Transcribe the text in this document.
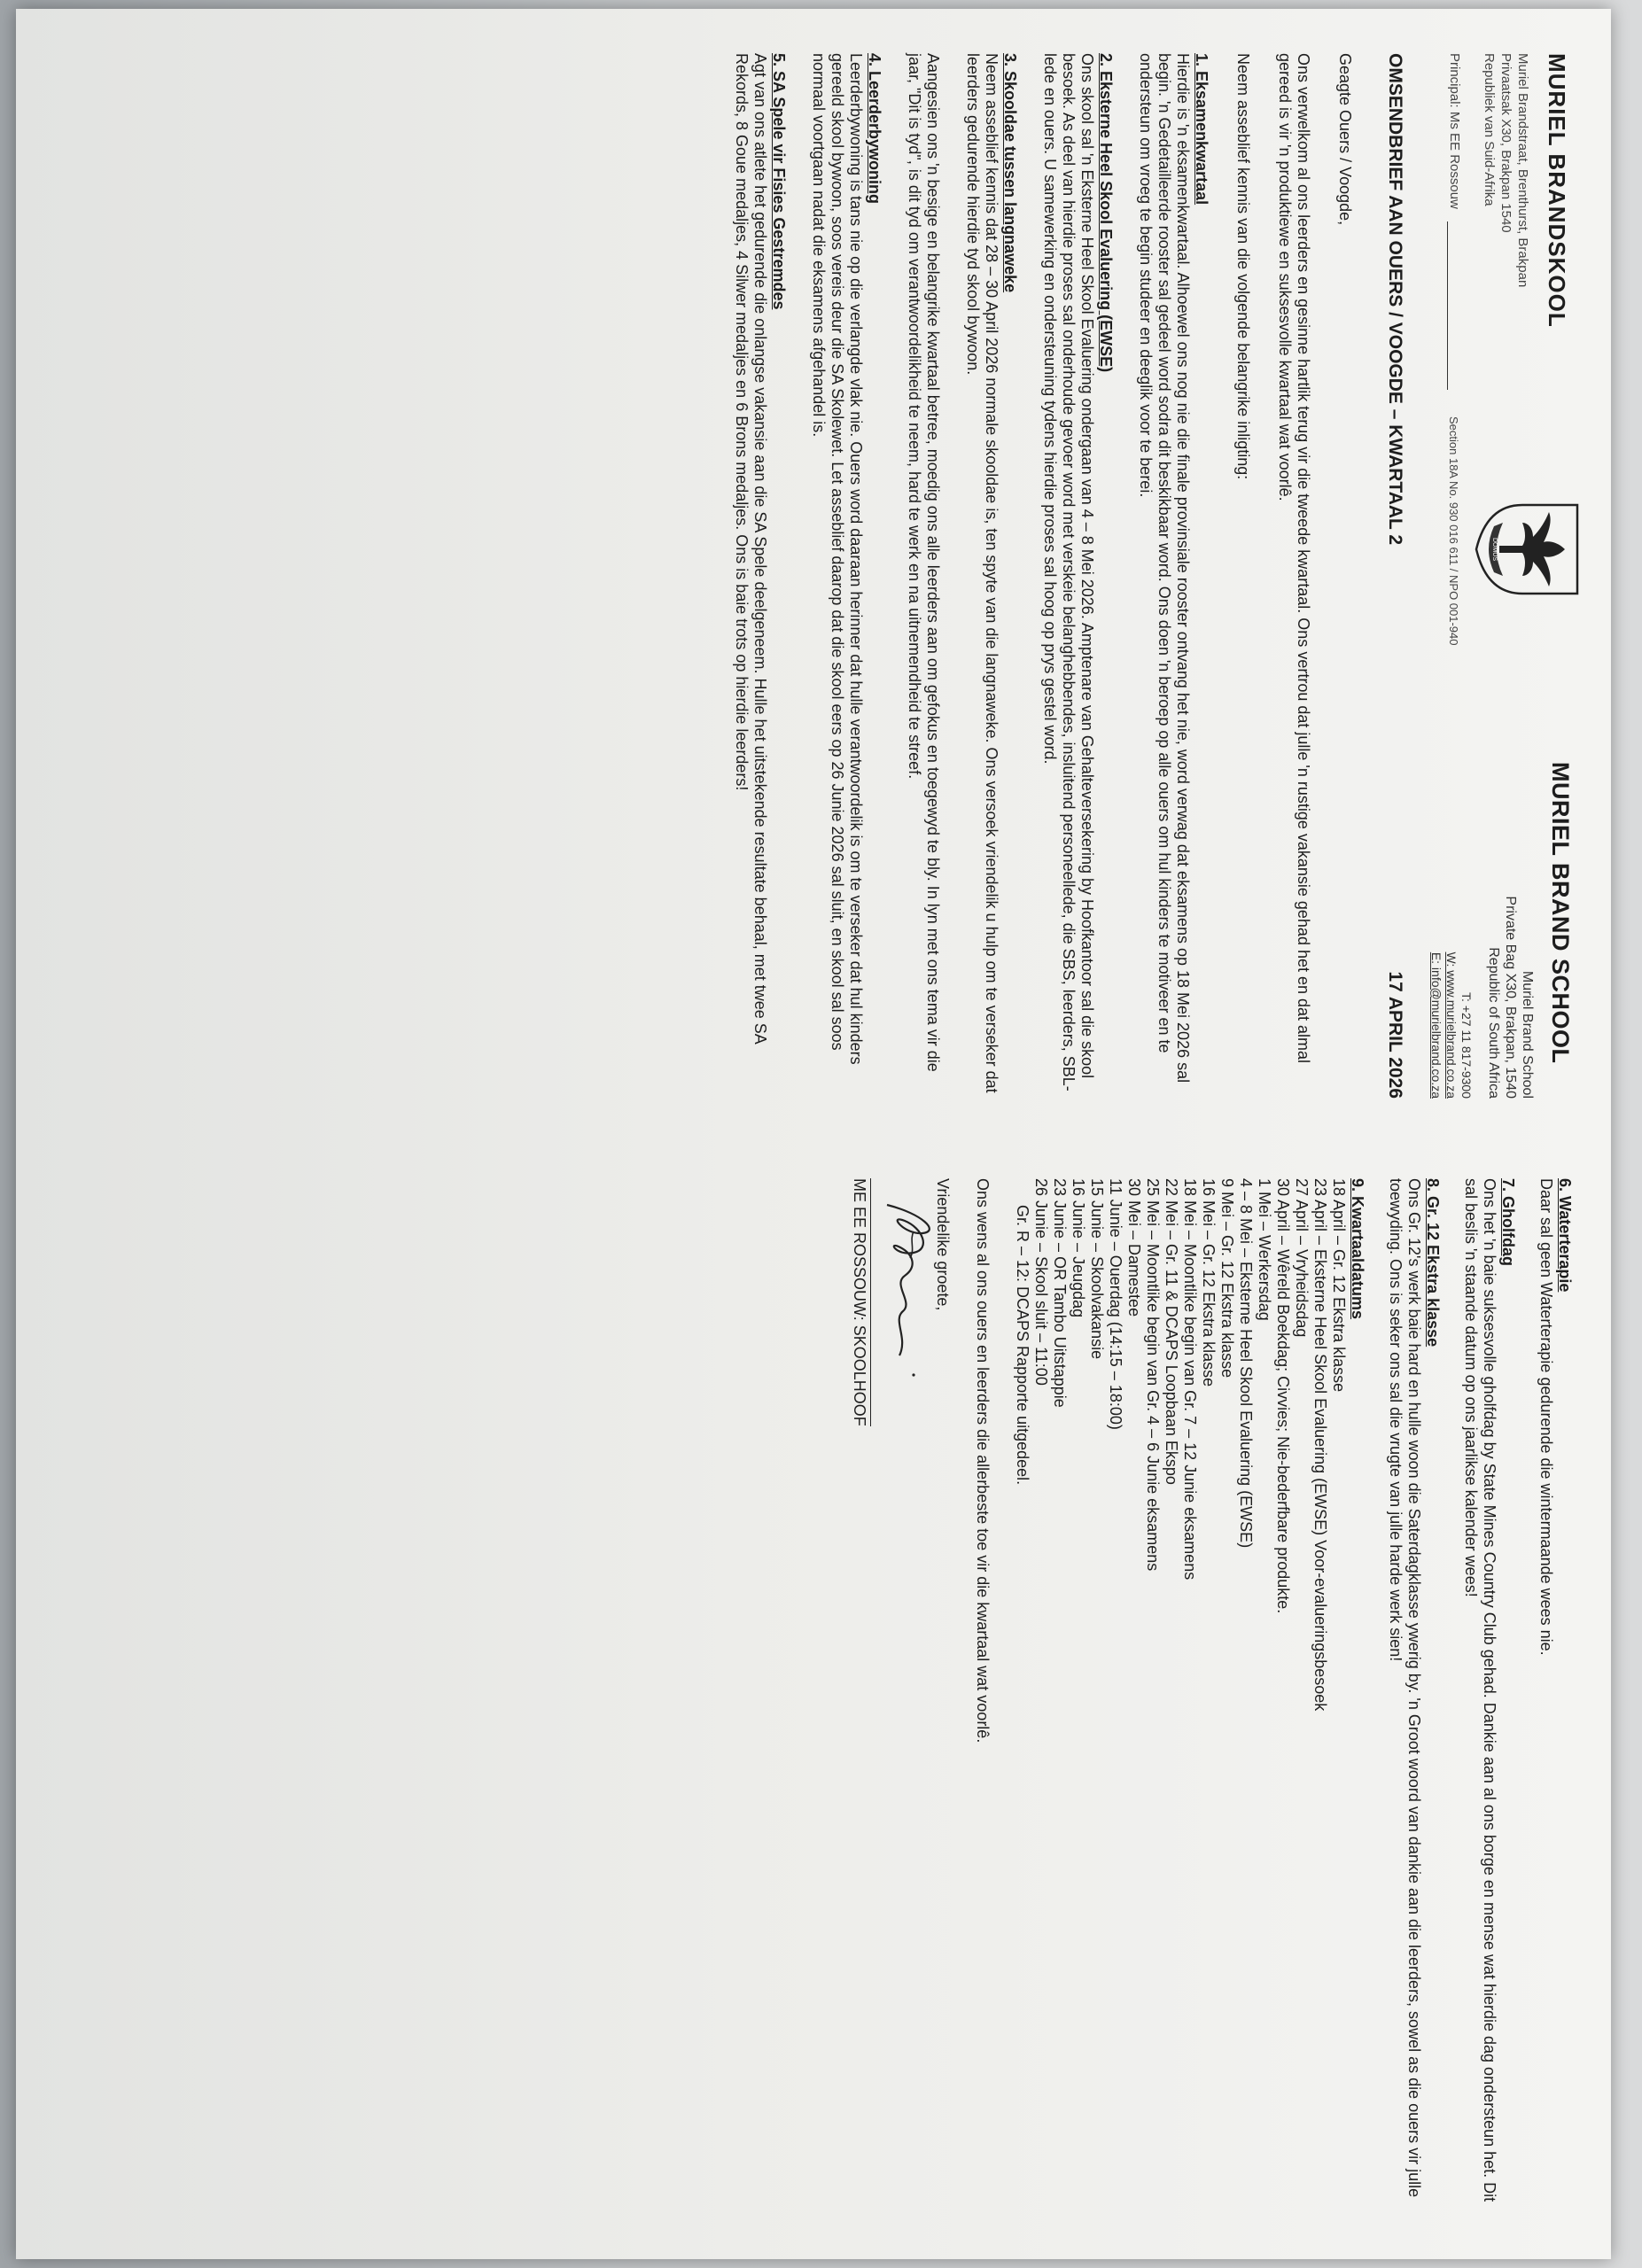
MURIEL BRANDSKOOL
Muriel Brandstraat, Brenthurst, Brakpan
Privaatsak X30, Brakpan 1540
Republiek van Suid-Afrika
Principal: Ms EE Rossouw
Section 18A No. 930 016 611 / NPO 001-940	DOMUS
MURIEL BRAND SCHOOL
Muriel Brand School
Private Bag X30, Brakpan, 1540
Republic of South Africa
T: +27 11 817-9300
W: www.murielbrand.co.za
E: info@murielbrand.co.za
OMSENDBRIEF AAN OUERS / VOOGDE – KWARTAAL 2
17 APRIL 2026

Geagte Ouers / Voogde,

Ons verwelkom al ons leerders en gesinne hartlik terug vir die tweede kwartaal. Ons vertrou dat julle 'n rustige vakansie gehad het en dat almal gereed is vir 'n produktiewe en suksesvolle kwartaal wat voorlê.

Neem asseblief kennis van die volgende belangrike inligting:

1. Eksamenkwartaal
Hierdie is 'n eksamenkwartaal. Alhoewel ons nog nie die finale provinsiale rooster ontvang het nie, word verwag dat eksamens op 18 Mei 2026 sal begin. 'n Gedetailleerde rooster sal gedeel word sodra dit beskikbaar word. Ons doen 'n beroep op alle ouers om hul kinders te motiveer en te ondersteun om vroeg te begin studeer en deeglik voor te berei.
2. Eksterne Heel Skool Evaluering (EWSE)
Ons skool sal 'n Eksterne Heel Skool Evaluering ondergaan van 4 – 8 Mei 2026. Amptenare van Gehalteversekering by Hoofkantoor sal die skool besoek. As deel van hierdie proses sal onderhoude gevoer word met verskeie belanghebbendes, insluitend personeellede, die SBS, leerders, SBL-lede en ouers. U samewerking en ondersteuning tydens hierdie proses sal hoog op prys gestel word.
3. Skooldae tussen langnaweke
Neem asseblief kennis dat 28 – 30 April 2026 normale skooldae is, ten spyte van die langnaweke. Ons versoek vriendelik u hulp om te verseker dat leerders gedurende hierdie tyd skool bywoon.
Aangesien ons 'n besige en belangrike kwartaal betree, moedig ons alle leerders aan om gefokus en toegewyd te bly. In lyn met ons tema vir die jaar, "Dit is tyd", is dit tyd om verantwoordelikheid te neem, hard te werk en na uitnemendheid te streef.
4. Leerderbywoning
Leerderbywoning is tans nie op die verlangde vlak nie. Ouers word daaraan herinner dat hulle verantwoordelik is om te verseker dat hul kinders gereeld skool bywoon, soos vereis deur die SA Skolewet. Let asseblief daarop dat die skool eers op 26 Junie 2026 sal sluit, en skool sal soos normaal voortgaan nadat die eksamens afgehandel is.
5. SA Spele vir Fisies Gestremdes
Agt van ons atlete het gedurende die onlangse vakansie aan die SA Spele deelgeneem. Hulle het uitstekende resultate behaal, met twee SA Rekords, 8 Goue medaljes, 4 Silwer medaljes en 6 Brons medaljes. Ons is baie trots op hierdie leerders!
6. Waterterapie
Daar sal geen Waterterapie gedurende die wintermaande wees nie.
7. Gholfdag
Ons het 'n baie suksesvolle gholfdag by State Mines Country Club gehad. Dankie aan al ons borge en mense wat hierdie dag ondersteun het. Dit sal beslis 'n staande datum op ons jaarlikse kalender wees!
8. Gr. 12 Ekstra klasse
Ons Gr. 12's werk baie hard en hulle woon die Saterdagklasse ywerig by. 'n Groot woord van dankie aan die leerders, sowel as die ouers vir julle toewyding. Ons is seker ons sal die vrugte van julle harde werk sien!
9. Kwartaaldatums
18 April – Gr. 12 Ekstra klasse
23 April – Eksterne Heel Skool Evaluering (EWSE) Voor-evalueringsbesoek
27 April – Vryheidsdag
30 April – Wêreld Boekdag; Civvies; Nie-bederfbare produkte.
1 Mei – Werkersdag
4 – 8 Mei – Eksterne Heel Skool Evaluering (EWSE)
9 Mei – Gr. 12 Ekstra klasse
16 Mei – Gr. 12 Ekstra klasse
18 Mei – Moontlike begin van Gr. 7 – 12 Junie eksamens
22 Mei – Gr. 11 & DCAPS Loopbaan Ekspo
25 Mei – Moontlike begin van Gr. 4 – 6 Junie eksamens
30 Mei – Damestee
11 Junie – Ouerdag (14:15 – 18:00)
15 Junie – Skoolvakansie
16 Junie – Jeugdag
23 Junie – OR Tambo Uitstappie
26 Junie – Skool sluit – 11:00
Gr. R – 12: DCAPS Rapporte uitgedeel.
Ons wens al ons ouers en leerders die allerbeste toe vir die kwartaal wat voorlê.
Vriendelike groete,
ME EE ROSSOUW: SKOOLHOOF
